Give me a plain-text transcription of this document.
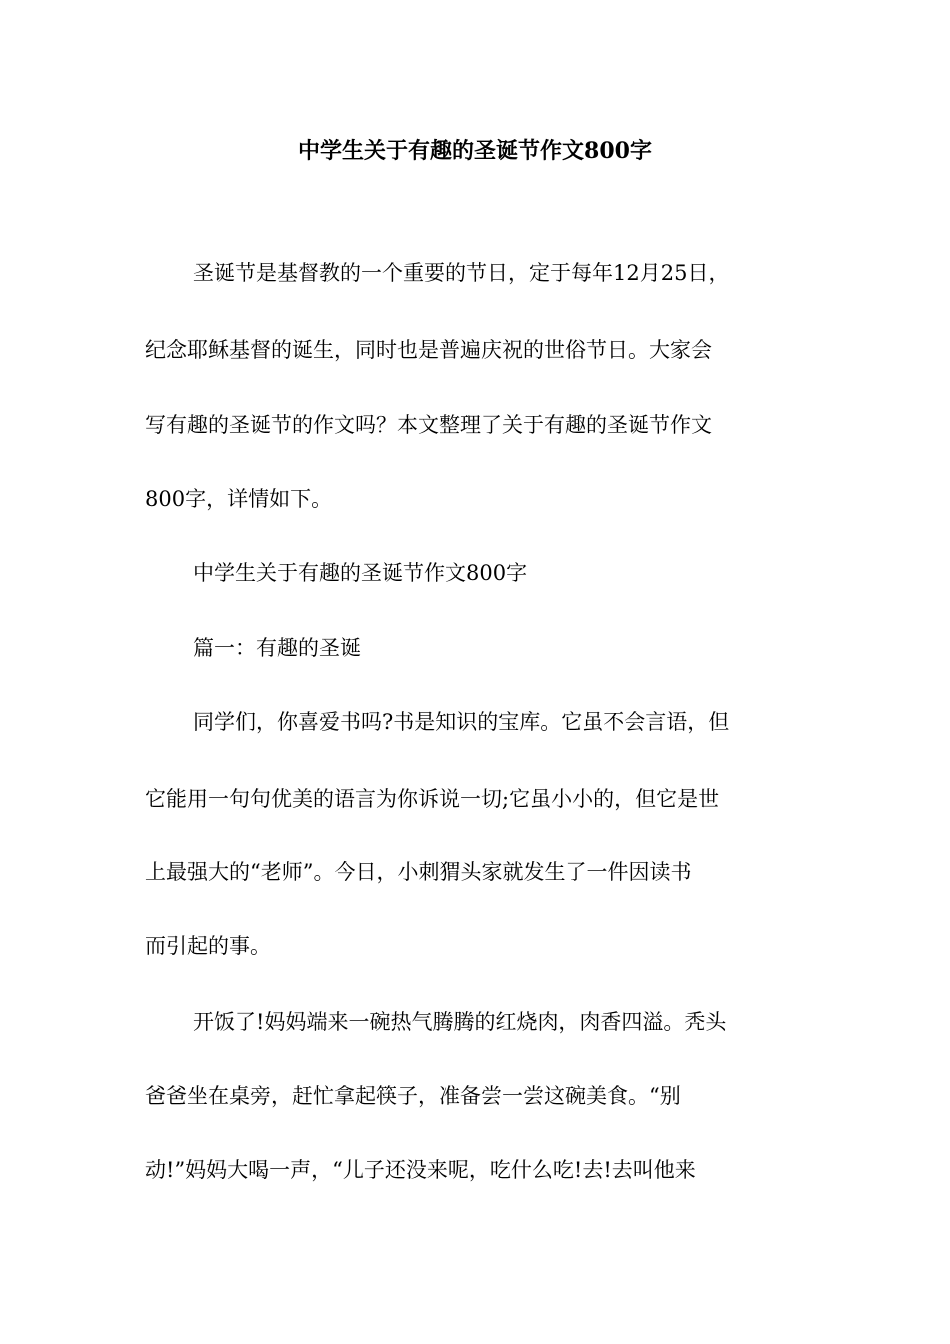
中学生关于有趣的圣诞节作文800字
圣诞节是基督教的一个重要的节日，定于每年12月25日，
纪念耶稣基督的诞生，同时也是普遍庆祝的世俗节日。大家会
写有趣的圣诞节的作文吗？本文整理了关于有趣的圣诞节作文
800字，详情如下。
中学生关于有趣的圣诞节作文800字
篇一：有趣的圣诞
同学们，你喜爱书吗?书是知识的宝库。它虽不会言语，但
它能用一句句优美的语言为你诉说一切;它虽小小的，但它是世
上最强大的“老师”。今日，小刺猬头家就发生了一件因读书
而引起的事。
开饭了!妈妈端来一碗热气腾腾的红烧肉，肉香四溢。秃头
爸爸坐在桌旁，赶忙拿起筷子，准备尝一尝这碗美食。“别
动!”妈妈大喝一声，“儿子还没来呢，吃什么吃!去!去叫他来
